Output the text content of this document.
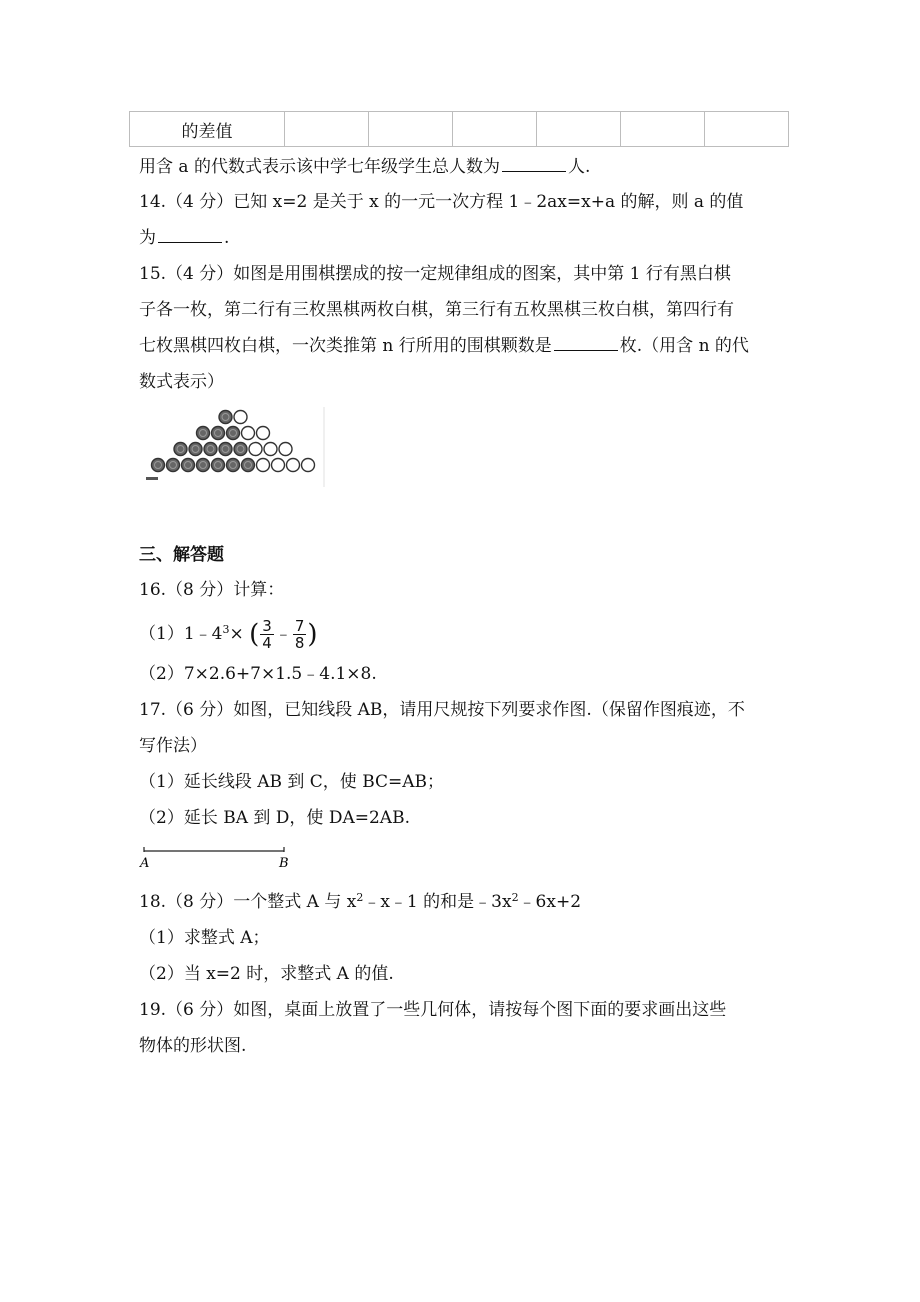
的差值						
用含 a 的代数式表示该中学七年级学生总人数为	人.
14.（4 分）已知 x=2 是关于 x 的一元一次方程 1﹣2ax=x+a 的解，则 a 的值
为	.
15.（4 分）如图是用围棋摆成的按一定规律组成的图案，其中第 1 行有黑白棋
子各一枚，第二行有三枚黑棋两枚白棋，第三行有五枚黑棋三枚白棋，第四行有
七枚黑棋四枚白棋，一次类推第 n 行所用的围棋颗数是	枚.（用含 n 的代
数式表示）
三、解答题
16.（8 分）计算：
$(1)1﹣4^3\times$ ( $\frac{3}{4}$ ﹣ $\frac{7}{8}$ )
（2）7×2.6+7×1.5﹣4.1×8.
17.（6 分）如图，已知线段 AB，请用尺规按下列要求作图.（保留作图痕迹，不
写作法）
（1）延长线段 AB 到 C，使 BC=AB；
（2）延长 BA 到 D，使 DA=2AB.
A	B
18.（8 分）一个整式 A 与 $x^2﹣x﹣1$ 的和是$﹣3x^2﹣6x+2$
（1）求整式 A；
（2）当 x=2 时，求整式 A 的值.
19.（6 分）如图，桌面上放置了一些几何体，请按每个图下面的要求画出这些
物体的形状图.
